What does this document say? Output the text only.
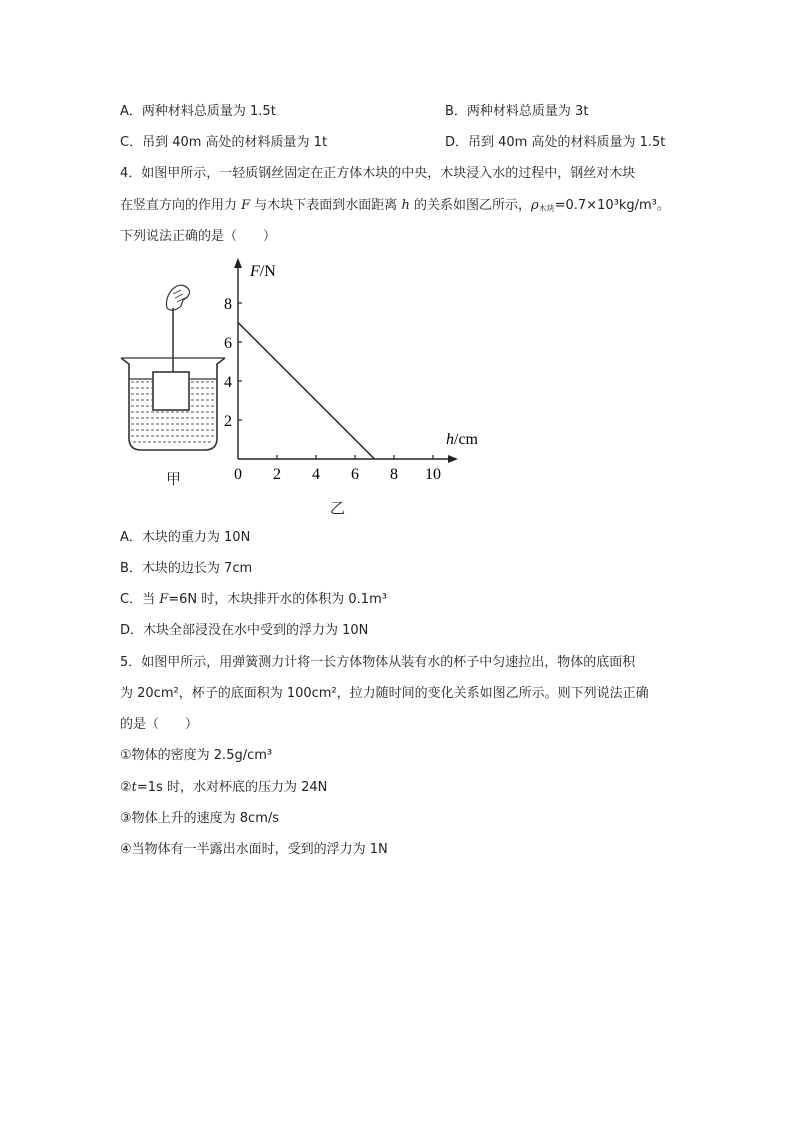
A．两种材料总质量为 1.5t	B．两种材料总质量为 3t
C．吊到 40m 高处的材料质量为 1t	D．吊到 40m 高处的材料质量为 1.5t
4．如图甲所示，一轻质钢丝固定在正方体木块的中央，木块浸入水的过程中，钢丝对木块
在竖直方向的作用力 F 与木块下表面到水面距离 h 的关系如图乙所示，$\rho_{木块}=0.7\times 10^3kg/m^3$。
下列说法正确的是（　　）
甲	0 2 4 6 8 10
2
4
6
8
F/N
h/cm
乙
A．木块的重力为 10N
B．木块的边长为 7cm
C．当 F=6N 时，木块排开水的体积为 0.1m³
D．木块全部浸没在水中受到的浮力为 10N
5．如图甲所示，用弹簧测力计将一长方体物体从装有水的杯子中匀速拉出，物体的底面积
为 20cm²，杯子的底面积为 100cm²，拉力随时间的变化关系如图乙所示。则下列说法正确
的是（　　）
①物体的密度为 2.5g/cm³
②t=1s 时，水对杯底的压力为 24N
③物体上升的速度为 8cm/s
④当物体有一半露出水面时，受到的浮力为 1N
